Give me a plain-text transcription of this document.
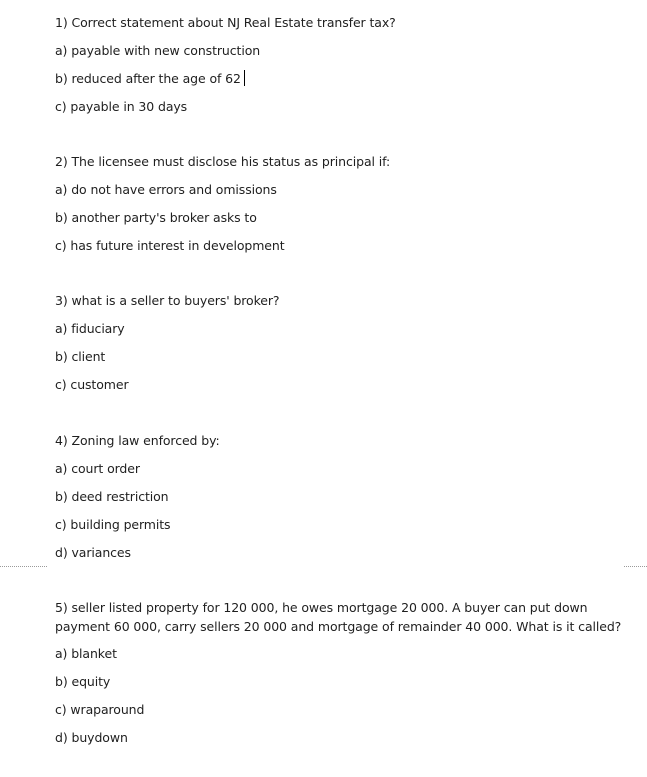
1) Correct statement about NJ Real Estate transfer tax?
a) payable with new construction
b) reduced after the age of 62
c) payable in 30 days
2) The licensee must disclose his status as principal if:
a) do not have errors and omissions
b) another party's broker asks to
c) has future interest in development
3) what is a seller to buyers' broker?
a) fiduciary
b) client
c) customer
4) Zoning law enforced by:
a) court order
b) deed restriction
c) building permits
d) variances
5) seller listed property for 120 000, he owes mortgage 20 000. A buyer can put down payment 60 000, carry sellers 20 000 and mortgage of remainder 40 000. What is it called?
a) blanket
b) equity
c) wraparound
d) buydown
